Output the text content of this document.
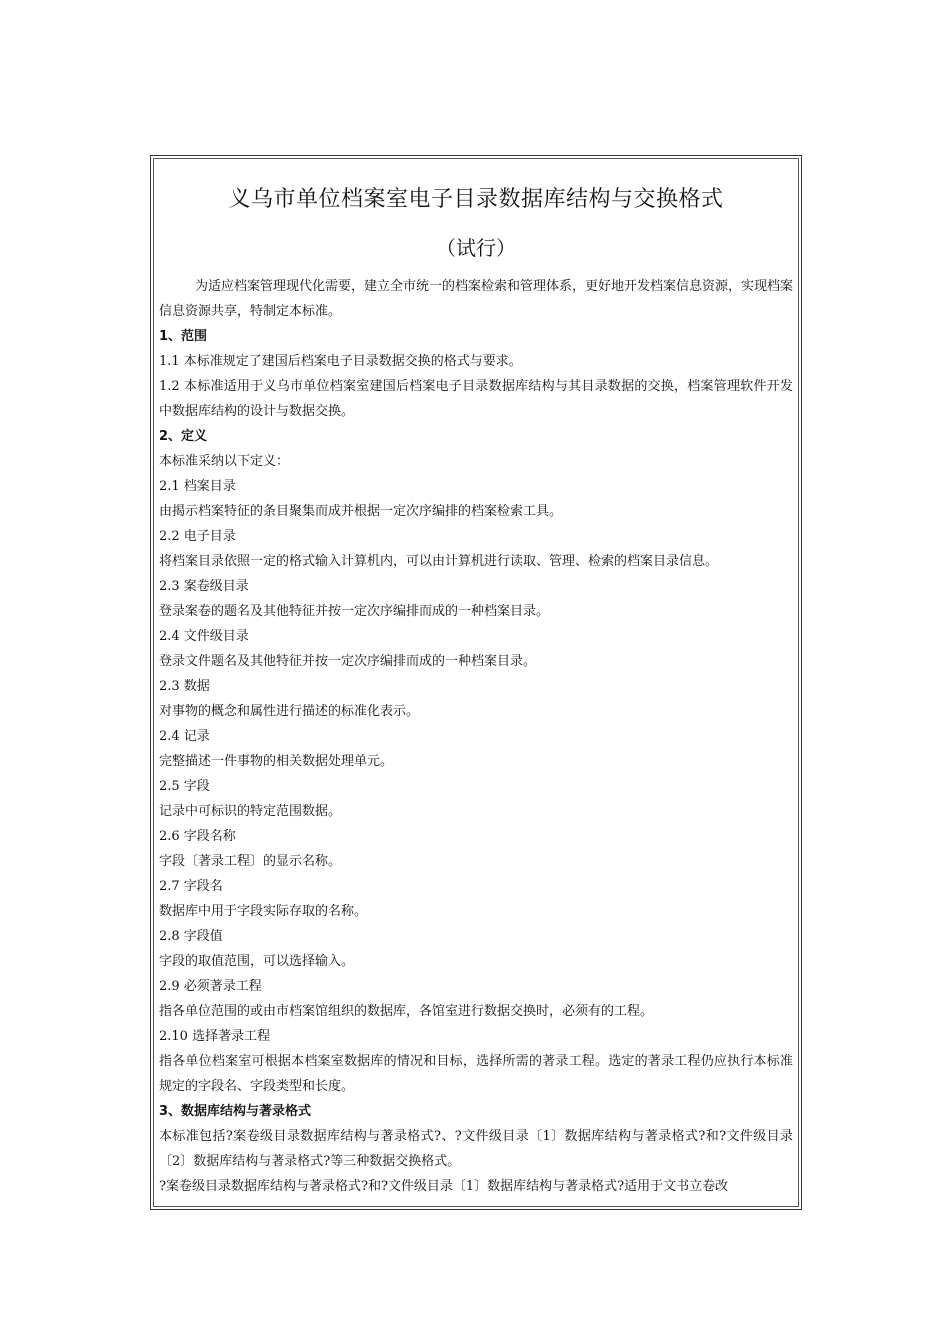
义乌市单位档案室电子目录数据库结构与交换格式
（试行）

为适应档案管理现代化需要，建立全市统一的档案检索和管理体系，更好地开发档案信息资源，实现档案信息资源共享，特制定本标准。

1、范围

1.1 本标准规定了建国后档案电子目录数据交换的格式与要求。

1.2 本标准适用于义乌市单位档案室建国后档案电子目录数据库结构与其目录数据的交换，档案管理软件开发中数据库结构的设计与数据交换。

2、定义

本标准采纳以下定义：

2.1 档案目录

由揭示档案特征的条目聚集而成并根据一定次序编排的档案检索工具。

2.2 电子目录

将档案目录依照一定的格式输入计算机内，可以由计算机进行读取、管理、检索的档案目录信息。

2.3 案卷级目录

登录案卷的题名及其他特征并按一定次序编排而成的一种档案目录。

2.4 文件级目录

登录文件题名及其他特征并按一定次序编排而成的一种档案目录。

2.3 数据

对事物的概念和属性进行描述的标准化表示。

2.4 记录

完整描述一件事物的相关数据处理单元。

2.5 字段

记录中可标识的特定范围数据。

2.6 字段名称

字段〔著录工程〕的显示名称。

2.7 字段名

数据库中用于字段实际存取的名称。

2.8 字段值

字段的取值范围，可以选择输入。

2.9 必须著录工程

指各单位范围的或由市档案馆组织的数据库，各馆室进行数据交换时，必须有的工程。

2.10 选择著录工程

指各单位档案室可根据本档案室数据库的情况和目标，选择所需的著录工程。选定的著录工程仍应执行本标准规定的字段名、字段类型和长度。

3、数据库结构与著录格式

本标准包括?案卷级目录数据库结构与著录格式?、?文件级目录〔1〕数据库结构与著录格式?和?文件级目录〔2〕数据库结构与著录格式?等三种数据交换格式。

?案卷级目录数据库结构与著录格式?和?文件级目录〔1〕数据库结构与著录格式?适用于文书立卷改
